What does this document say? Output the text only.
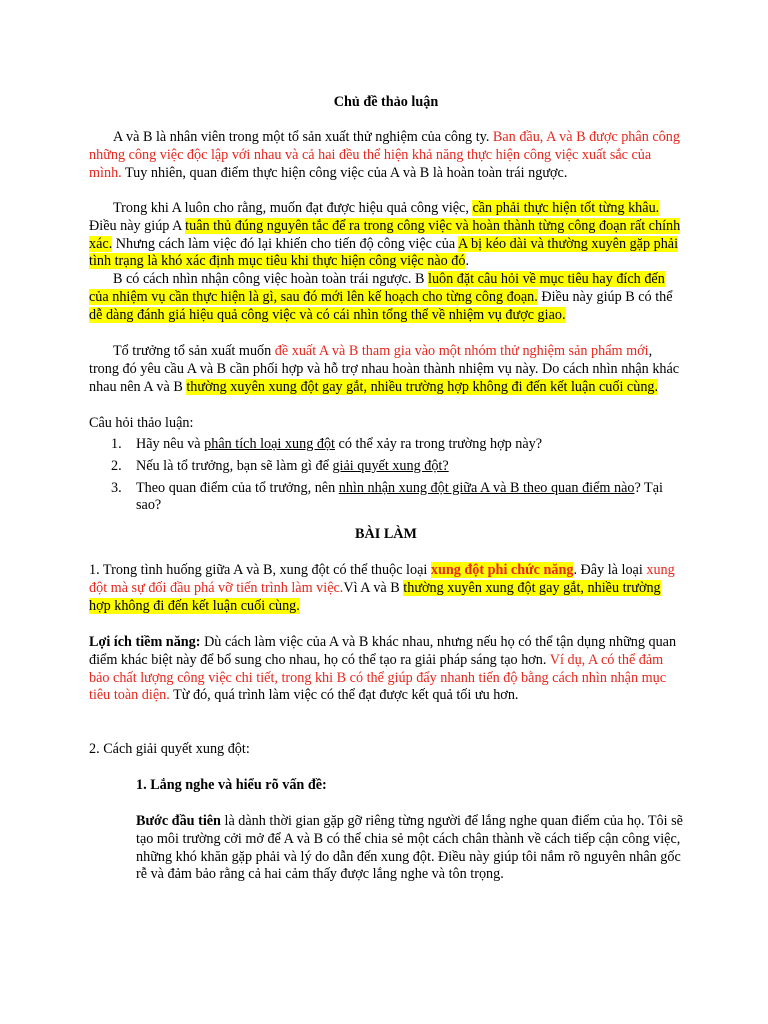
Chủ đề thảo luận

A và B là nhân viên trong một tổ sản xuất thử nghiệm của công ty. Ban đầu, A và B được phân công những công việc độc lập với nhau và cả hai đều thể hiện khả năng thực hiện công việc xuất sắc của mình. Tuy nhiên, quan điểm thực hiện công việc của A và B là hoàn toàn trái ngược.

Trong khi A luôn cho rằng, muốn đạt được hiệu quả công việc, cần phải thực hiện tốt từng khâu. Điều này giúp A tuân thủ đúng nguyên tắc để ra trong công việc và hoàn thành từng công đoạn rất chính xác. Nhưng cách làm việc đó lại khiến cho tiến độ công việc của A bị kéo dài và thường xuyên gặp phải tình trạng là khó xác định mục tiêu khi thực hiện công việc nào đó.

B có cách nhìn nhận công việc hoàn toàn trái ngược. B luôn đặt câu hỏi về mục tiêu hay đích đến của nhiệm vụ cần thực hiện là gì, sau đó mới lên kế hoạch cho từng công đoạn. Điều này giúp B có thể dễ dàng đánh giá hiệu quả công việc và có cái nhìn tổng thể về nhiệm vụ được giao.

Tổ trưởng tổ sản xuất muốn đề xuất A và B tham gia vào một nhóm thử nghiệm sản phẩm mới, trong đó yêu cầu A và B cần phối hợp và hỗ trợ nhau hoàn thành nhiệm vụ này. Do cách nhìn nhận khác nhau nên A và B thường xuyên xung đột gay gắt, nhiều trường hợp không đi đến kết luận cuối cùng.

Câu hỏi thảo luận:
1. Hãy nêu và phân tích loại xung đột có thể xảy ra trong trường hợp này?
2. Nếu là tổ trưởng, bạn sẽ làm gì để giải quyết xung đột?
3. Theo quan điểm của tổ trưởng, nên nhìn nhận xung đột giữa A và B theo quan điểm nào? Tại sao?
BÀI LÀM

1. Trong tình huống giữa A và B, xung đột có thể thuộc loại xung đột phi chức năng. Đây là loại xung đột mà sự đối đầu phá vỡ tiến trình làm việc.Vì A và B thường xuyên xung đột gay gắt, nhiều trường hợp không đi đến kết luận cuối cùng.

Lợi ích tiềm năng: Dù cách làm việc của A và B khác nhau, nhưng nếu họ có thể tận dụng những quan điểm khác biệt này để bổ sung cho nhau, họ có thể tạo ra giải pháp sáng tạo hơn. Ví dụ, A có thể đảm bảo chất lượng công việc chi tiết, trong khi B có thể giúp đẩy nhanh tiến độ bằng cách nhìn nhận mục tiêu toàn diện. Từ đó, quá trình làm việc có thể đạt được kết quả tối ưu hơn.

2. Cách giải quyết xung đột:
1. Lắng nghe và hiểu rõ vấn đề:

Bước đầu tiên là dành thời gian gặp gỡ riêng từng người để lắng nghe quan điểm của họ. Tôi sẽ tạo môi trường cởi mở để A và B có thể chia sẻ một cách chân thành về cách tiếp cận công việc, những khó khăn gặp phải và lý do dẫn đến xung đột. Điều này giúp tôi nắm rõ nguyên nhân gốc rễ và đảm bảo rằng cả hai cảm thấy được lắng nghe và tôn trọng.
